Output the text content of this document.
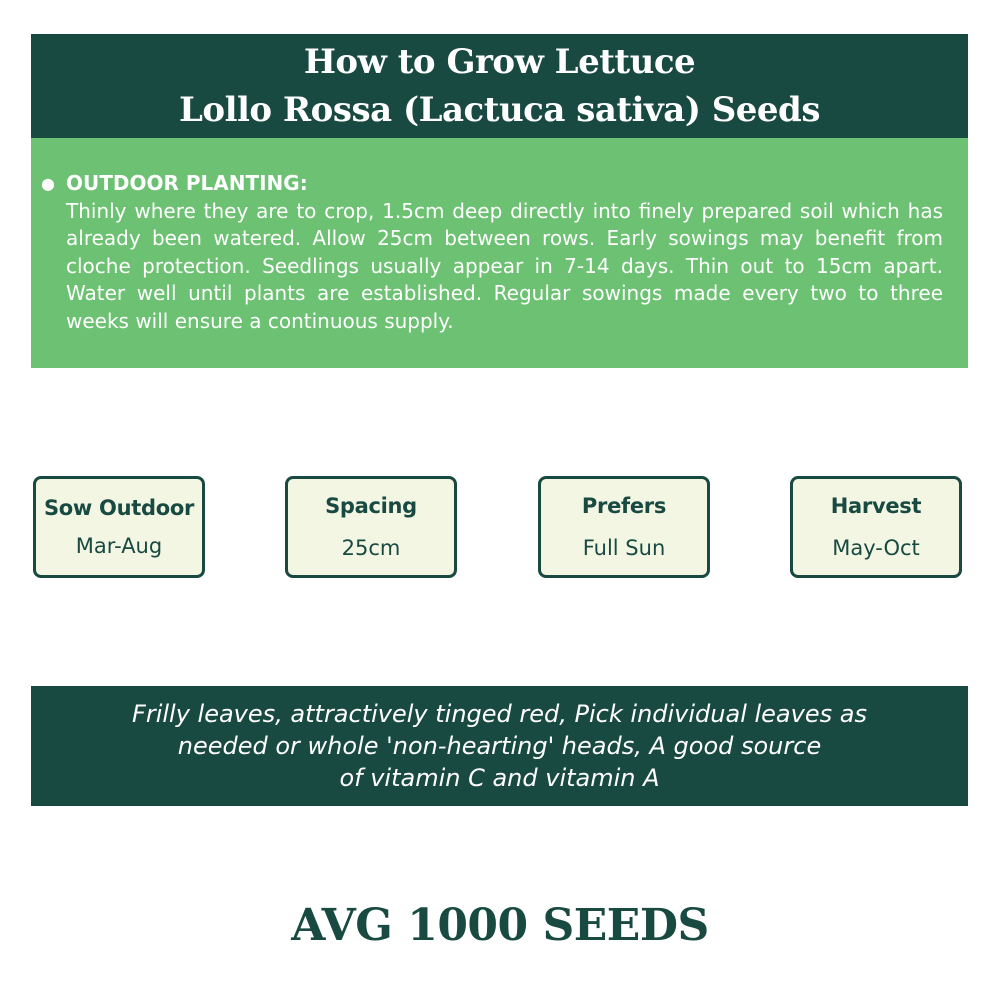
How to Grow Lettuce
Lollo Rossa (Lactuca sativa) Seeds
● OUTDOOR PLANTING:
Thinly where they are to crop, 1.5cm deep directly into finely prepared soil which has already been watered. Allow 25cm between rows. Early sowings may benefit from cloche protection. Seedlings usually appear in 7-14 days. Thin out to 15cm apart. Water well until plants are established. Regular sowings made every two to three weeks will ensure a continuous supply.
Sow Outdoor
Mar-Aug
Spacing
25cm
Prefers
Full Sun
Harvest
May-Oct
Frilly leaves, attractively tinged red, Pick individual leaves as
needed or whole 'non-hearting' heads, A good source
of vitamin C and vitamin A
AVG 1000 SEEDS
